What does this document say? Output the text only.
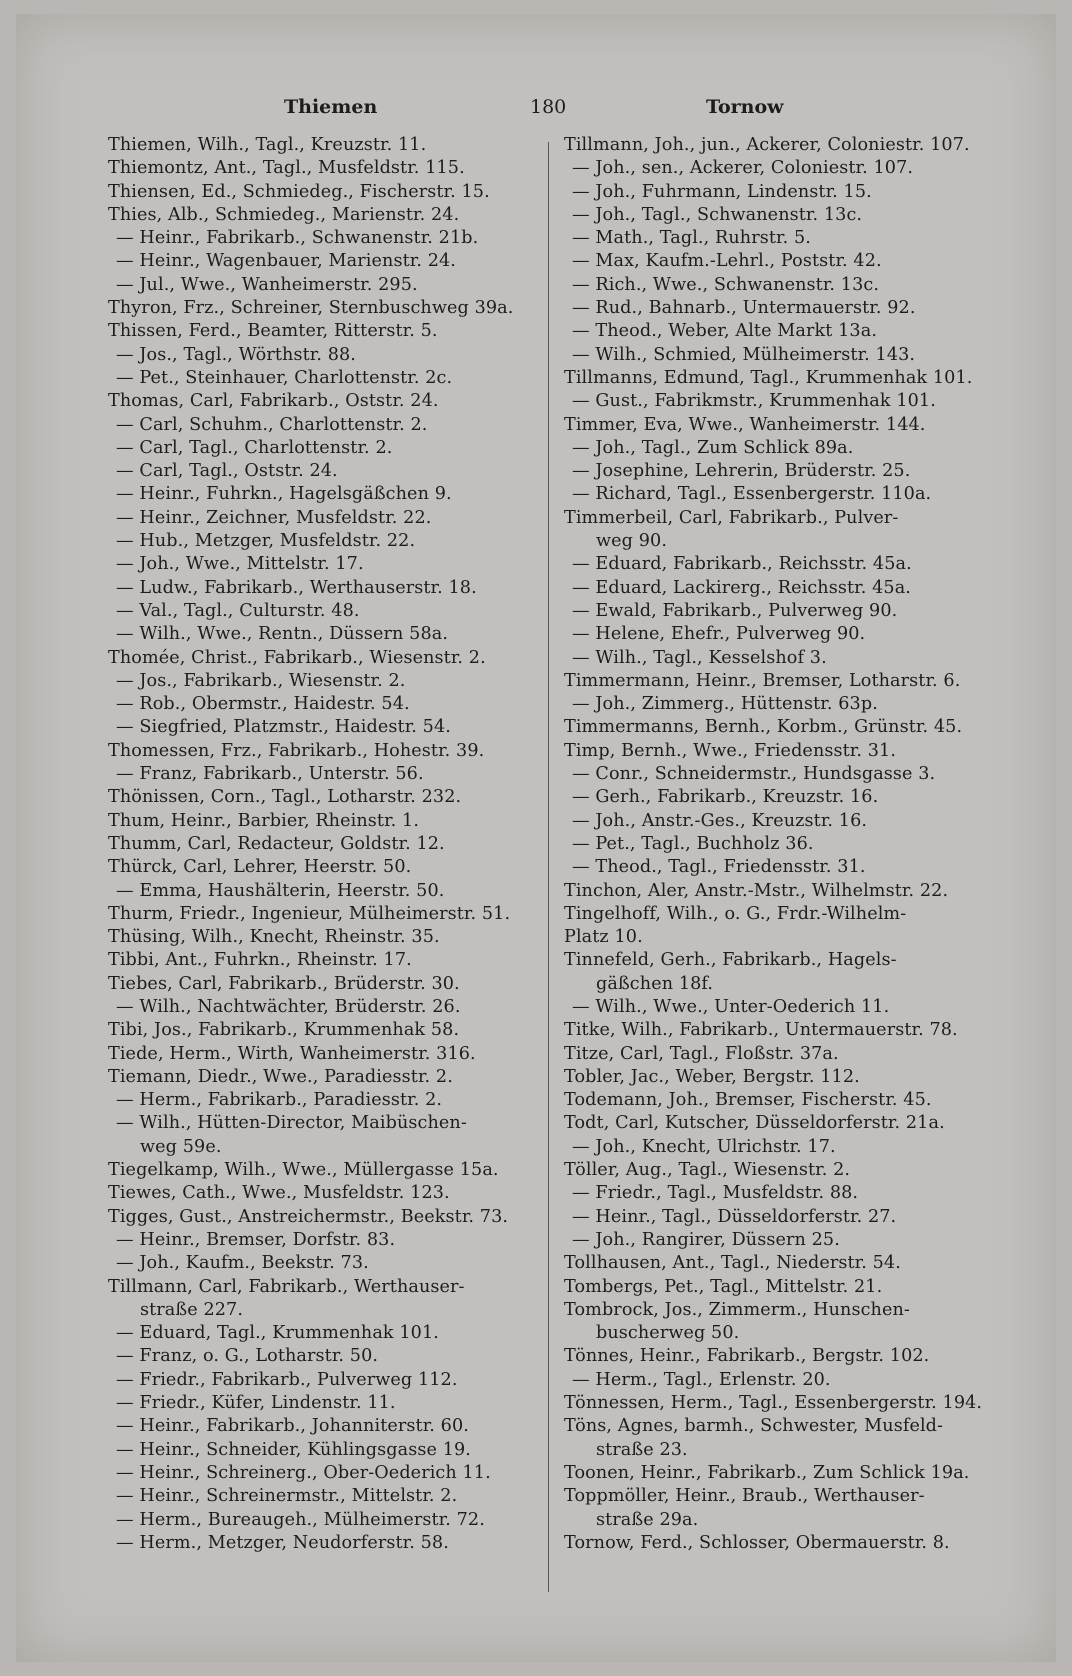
Thiemen	180	Tornow
Thiemen, Wilh., Tagl., Kreuzstr. 11.
Thiemontz, Ant., Tagl., Musfeldstr. 115.
Thiensen, Ed., Schmiedeg., Fischerstr. 15.
Thies, Alb., Schmiedeg., Marienstr. 24.
— Heinr., Fabrikarb., Schwanenstr. 21b.
— Heinr., Wagenbauer, Marienstr. 24.
— Jul., Wwe., Wanheimerstr. 295.
Thyron, Frz., Schreiner, Sternbuschweg 39a.
Thissen, Ferd., Beamter, Ritterstr. 5.
— Jos., Tagl., Wörthstr. 88.
— Pet., Steinhauer, Charlottenstr. 2c.
Thomas, Carl, Fabrikarb., Oststr. 24.
— Carl, Schuhm., Charlottenstr. 2.
— Carl, Tagl., Charlottenstr. 2.
— Carl, Tagl., Oststr. 24.
— Heinr., Fuhrkn., Hagelsgäßchen 9.
— Heinr., Zeichner, Musfeldstr. 22.
— Hub., Metzger, Musfeldstr. 22.
— Joh., Wwe., Mittelstr. 17.
— Ludw., Fabrikarb., Werthauserstr. 18.
— Val., Tagl., Culturstr. 48.
— Wilh., Wwe., Rentn., Düssern 58a.
Thomée, Christ., Fabrikarb., Wiesenstr. 2.
— Jos., Fabrikarb., Wiesenstr. 2.
— Rob., Obermstr., Haidestr. 54.
— Siegfried, Platzmstr., Haidestr. 54.
Thomessen, Frz., Fabrikarb., Hohestr. 39.
— Franz, Fabrikarb., Unterstr. 56.
Thönissen, Corn., Tagl., Lotharstr. 232.
Thum, Heinr., Barbier, Rheinstr. 1.
Thumm, Carl, Redacteur, Goldstr. 12.
Thürck, Carl, Lehrer, Heerstr. 50.
— Emma, Haushälterin, Heerstr. 50.
Thurm, Friedr., Ingenieur, Mülheimerstr. 51.
Thüsing, Wilh., Knecht, Rheinstr. 35.
Tibbi, Ant., Fuhrkn., Rheinstr. 17.
Tiebes, Carl, Fabrikarb., Brüderstr. 30.
— Wilh., Nachtwächter, Brüderstr. 26.
Tibi, Jos., Fabrikarb., Krummenhak 58.
Tiede, Herm., Wirth, Wanheimerstr. 316.
Tiemann, Diedr., Wwe., Paradiesstr. 2.
— Herm., Fabrikarb., Paradiesstr. 2.
— Wilh., Hütten-Director, Maibüschen-
weg 59e.
Tiegelkamp, Wilh., Wwe., Müllergasse 15a.
Tiewes, Cath., Wwe., Musfeldstr. 123.
Tigges, Gust., Anstreichermstr., Beekstr. 73.
— Heinr., Bremser, Dorfstr. 83.
— Joh., Kaufm., Beekstr. 73.
Tillmann, Carl, Fabrikarb., Werthauser-
straße 227.
— Eduard, Tagl., Krummenhak 101.
— Franz, o. G., Lotharstr. 50.
— Friedr., Fabrikarb., Pulverweg 112.
— Friedr., Küfer, Lindenstr. 11.
— Heinr., Fabrikarb., Johanniterstr. 60.
— Heinr., Schneider, Kühlingsgasse 19.
— Heinr., Schreinerg., Ober-Oederich 11.
— Heinr., Schreinermstr., Mittelstr. 2.
— Herm., Bureaugeh., Mülheimerstr. 72.
— Herm., Metzger, Neudorferstr. 58.
Tillmann, Joh., jun., Ackerer, Coloniestr. 107.
— Joh., sen., Ackerer, Coloniestr. 107.
— Joh., Fuhrmann, Lindenstr. 15.
— Joh., Tagl., Schwanenstr. 13c.
— Math., Tagl., Ruhrstr. 5.
— Max, Kaufm.-Lehrl., Poststr. 42.
— Rich., Wwe., Schwanenstr. 13c.
— Rud., Bahnarb., Untermauerstr. 92.
— Theod., Weber, Alte Markt 13a.
— Wilh., Schmied, Mülheimerstr. 143.
Tillmanns, Edmund, Tagl., Krummenhak 101.
— Gust., Fabrikmstr., Krummenhak 101.
Timmer, Eva, Wwe., Wanheimerstr. 144.
— Joh., Tagl., Zum Schlick 89a.
— Josephine, Lehrerin, Brüderstr. 25.
— Richard, Tagl., Essenbergerstr. 110a.
Timmerbeil, Carl, Fabrikarb., Pulver-
weg 90.
— Eduard, Fabrikarb., Reichsstr. 45a.
— Eduard, Lackirerg., Reichsstr. 45a.
— Ewald, Fabrikarb., Pulverweg 90.
— Helene, Ehefr., Pulverweg 90.
— Wilh., Tagl., Kesselshof 3.
Timmermann, Heinr., Bremser, Lotharstr. 6.
— Joh., Zimmerg., Hüttenstr. 63p.
Timmermanns, Bernh., Korbm., Grünstr. 45.
Timp, Bernh., Wwe., Friedensstr. 31.
— Conr., Schneidermstr., Hundsgasse 3.
— Gerh., Fabrikarb., Kreuzstr. 16.
— Joh., Anstr.-Ges., Kreuzstr. 16.
— Pet., Tagl., Buchholz 36.
— Theod., Tagl., Friedensstr. 31.
Tinchon, Aler, Anstr.-Mstr., Wilhelmstr. 22.
Tingelhoff, Wilh., o. G., Frdr.-Wilhelm-
Platz 10.
Tinnefeld, Gerh., Fabrikarb., Hagels-
gäßchen 18f.
— Wilh., Wwe., Unter-Oederich 11.
Titke, Wilh., Fabrikarb., Untermauerstr. 78.
Titze, Carl, Tagl., Floßstr. 37a.
Tobler, Jac., Weber, Bergstr. 112.
Todemann, Joh., Bremser, Fischerstr. 45.
Todt, Carl, Kutscher, Düsseldorferstr. 21a.
— Joh., Knecht, Ulrichstr. 17.
Töller, Aug., Tagl., Wiesenstr. 2.
— Friedr., Tagl., Musfeldstr. 88.
— Heinr., Tagl., Düsseldorferstr. 27.
— Joh., Rangirer, Düssern 25.
Tollhausen, Ant., Tagl., Niederstr. 54.
Tombergs, Pet., Tagl., Mittelstr. 21.
Tombrock, Jos., Zimmerm., Hunschen-
buscherweg 50.
Tönnes, Heinr., Fabrikarb., Bergstr. 102.
— Herm., Tagl., Erlenstr. 20.
Tönnessen, Herm., Tagl., Essenbergerstr. 194.
Töns, Agnes, barmh., Schwester, Musfeld-
straße 23.
Toonen, Heinr., Fabrikarb., Zum Schlick 19a.
Toppmöller, Heinr., Braub., Werthauser-
straße 29a.
Tornow, Ferd., Schlosser, Obermauerstr. 8.
